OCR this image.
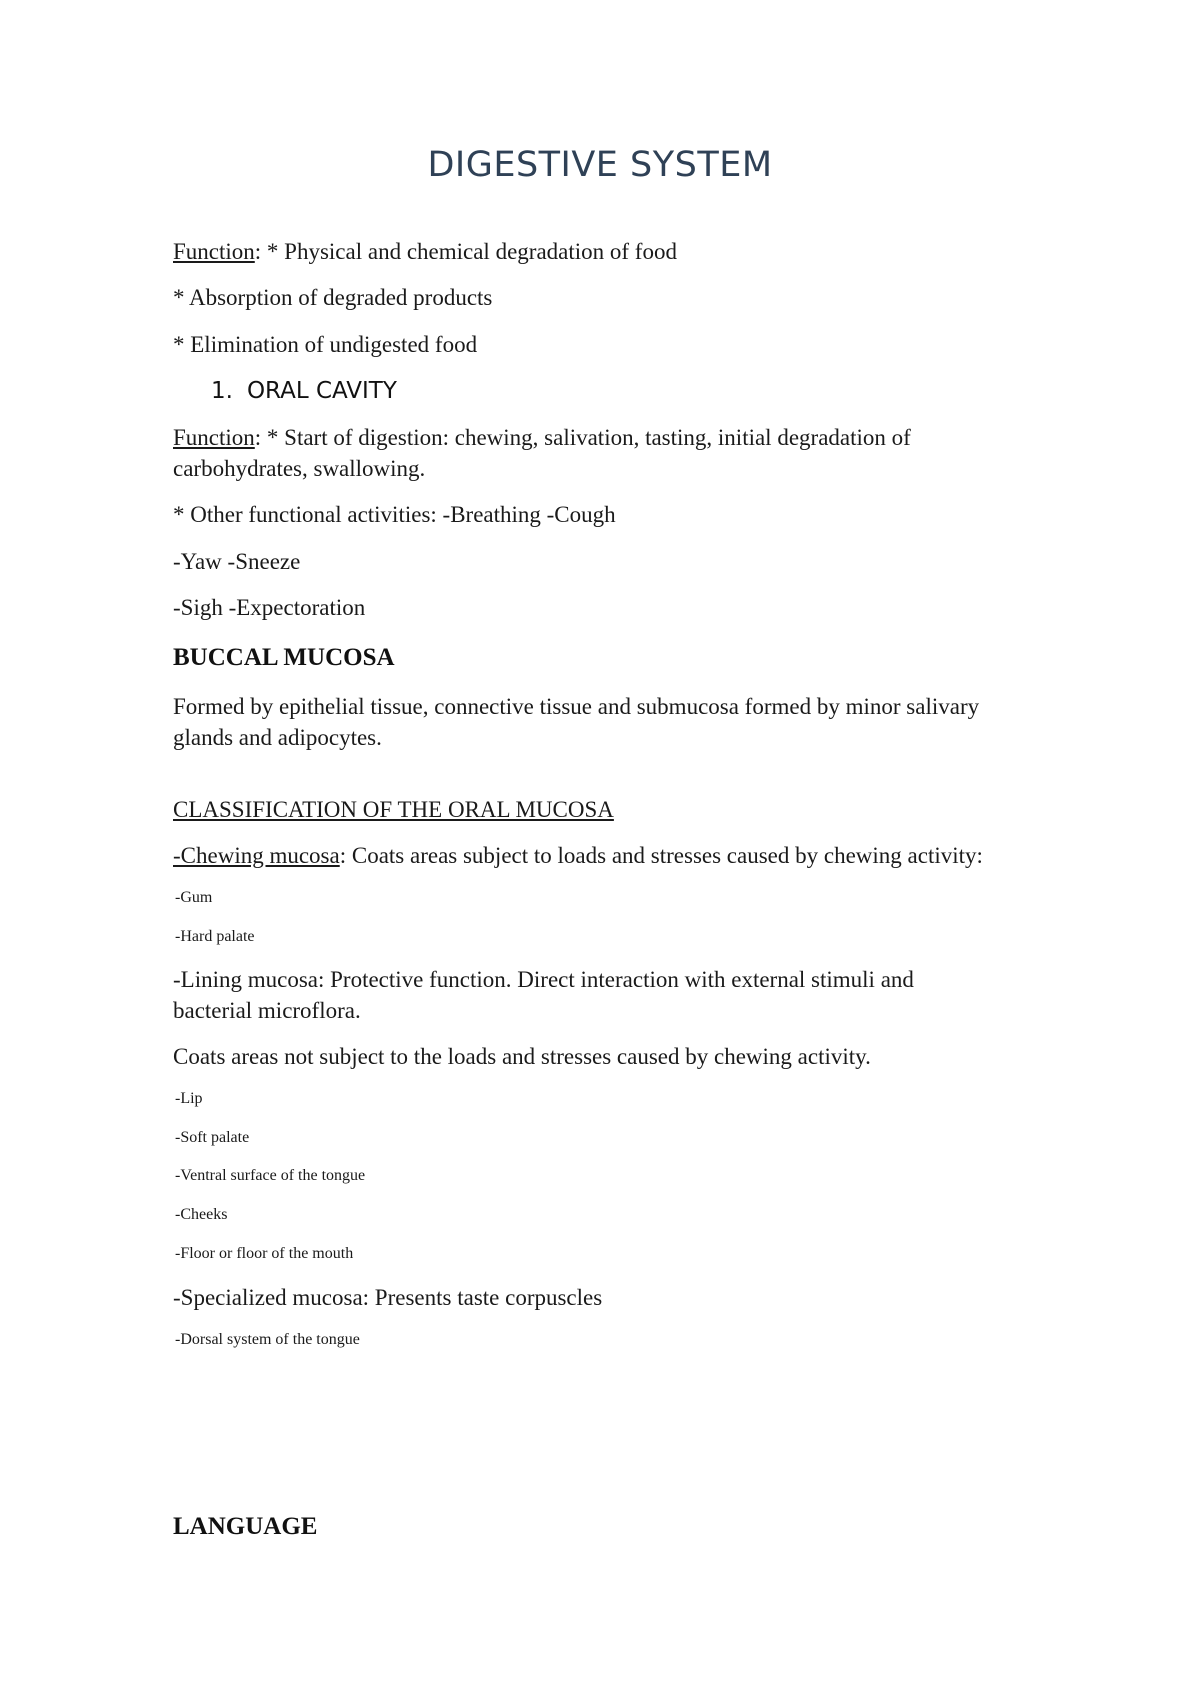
DIGESTIVE SYSTEM
Function: * Physical and chemical degradation of food
* Absorption of degraded products
* Elimination of undigested food
1. ORAL CAVITY
Function: * Start of digestion: chewing, salivation, tasting, initial degradation of
carbohydrates, swallowing.
* Other functional activities: -Breathing -Cough
-Yaw -Sneeze
-Sigh -Expectoration
BUCCAL MUCOSA
Formed by epithelial tissue, connective tissue and submucosa formed by minor salivary
glands and adipocytes.
CLASSIFICATION OF THE ORAL MUCOSA
-Chewing mucosa: Coats areas subject to loads and stresses caused by chewing activity:
-Gum
-Hard palate
-Lining mucosa: Protective function. Direct interaction with external stimuli and
bacterial microflora.
Coats areas not subject to the loads and stresses caused by chewing activity.
-Lip
-Soft palate
-Ventral surface of the tongue
-Cheeks
-Floor or floor of the mouth
-Specialized mucosa: Presents taste corpuscles
-Dorsal system of the tongue
LANGUAGE
